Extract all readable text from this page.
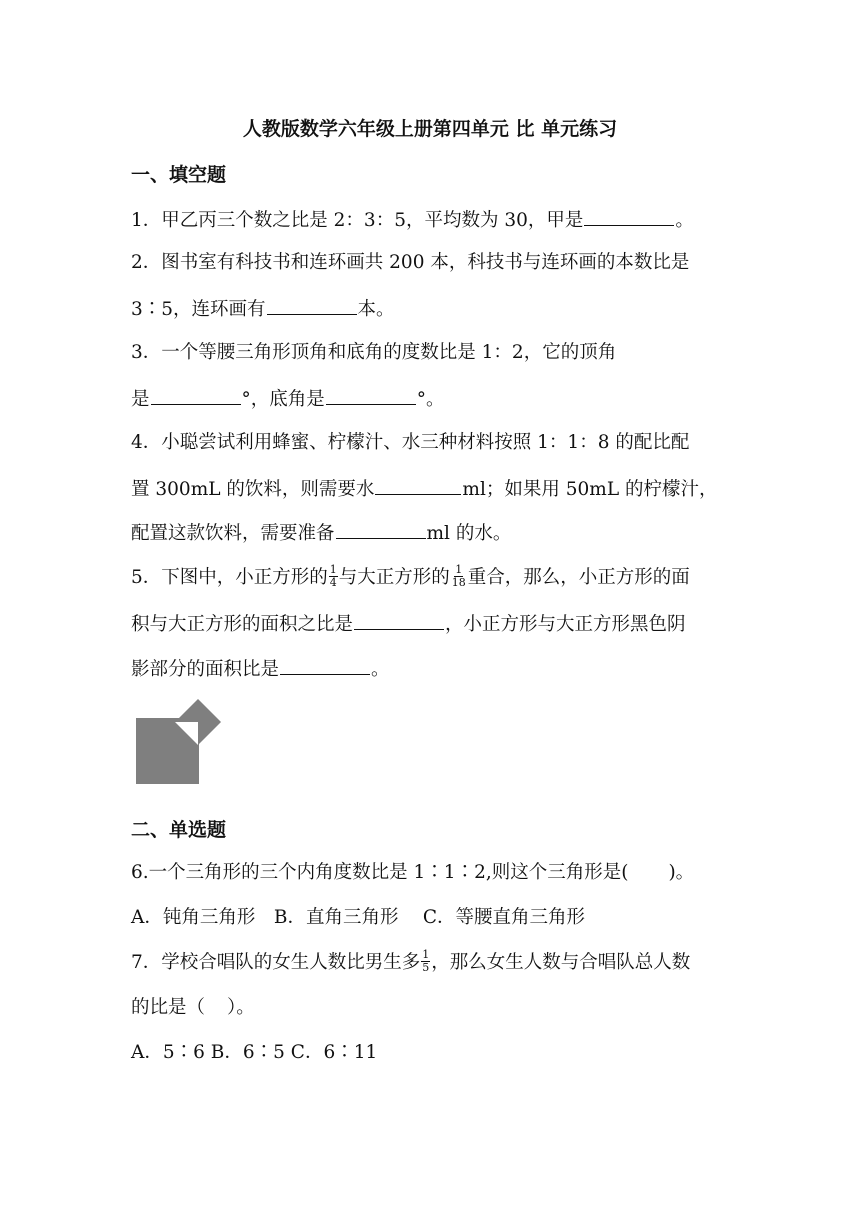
人教版数学六年级上册第四单元 比 单元练习
一、填空题
1．甲乙丙三个数之比是 2：3：5，平均数为 30，甲是	。
2．图书室有科技书和连环画共 200 本，科技书与连环画的本数比是
3∶5，连环画有	本。
3．一个等腰三角形顶角和底角的度数比是 1：2，它的顶角
是	°，底角是	°。
4．小聪尝试利用蜂蜜、柠檬汁、水三种材料按照 1：1：8 的配比配
置 300mL 的饮料，则需要水	ml；如果用 50mL 的柠檬汁，
配置这款饮料，需要准备	ml 的水。
5．下图中，小正方形的 $\frac{1}{4}$ 与大正方形的 $\frac{1}{18}$ 重合，那么，小正方形的面
积与大正方形的面积之比是	，小正方形与大正方形黑色阴
影部分的面积比是	。
二、单选题
6.一个三角形的三个内角度数比是 1∶1∶2,则这个三角形是( )。
A．钝角三角形　B．直角三角形　 C．等腰直角三角形
7．学校合唱队的女生人数比男生多 $\frac{1}{5}$ ，那么女生人数与合唱队总人数
的比是（ ）。
A．5∶6 B．6∶5 C．6∶11
